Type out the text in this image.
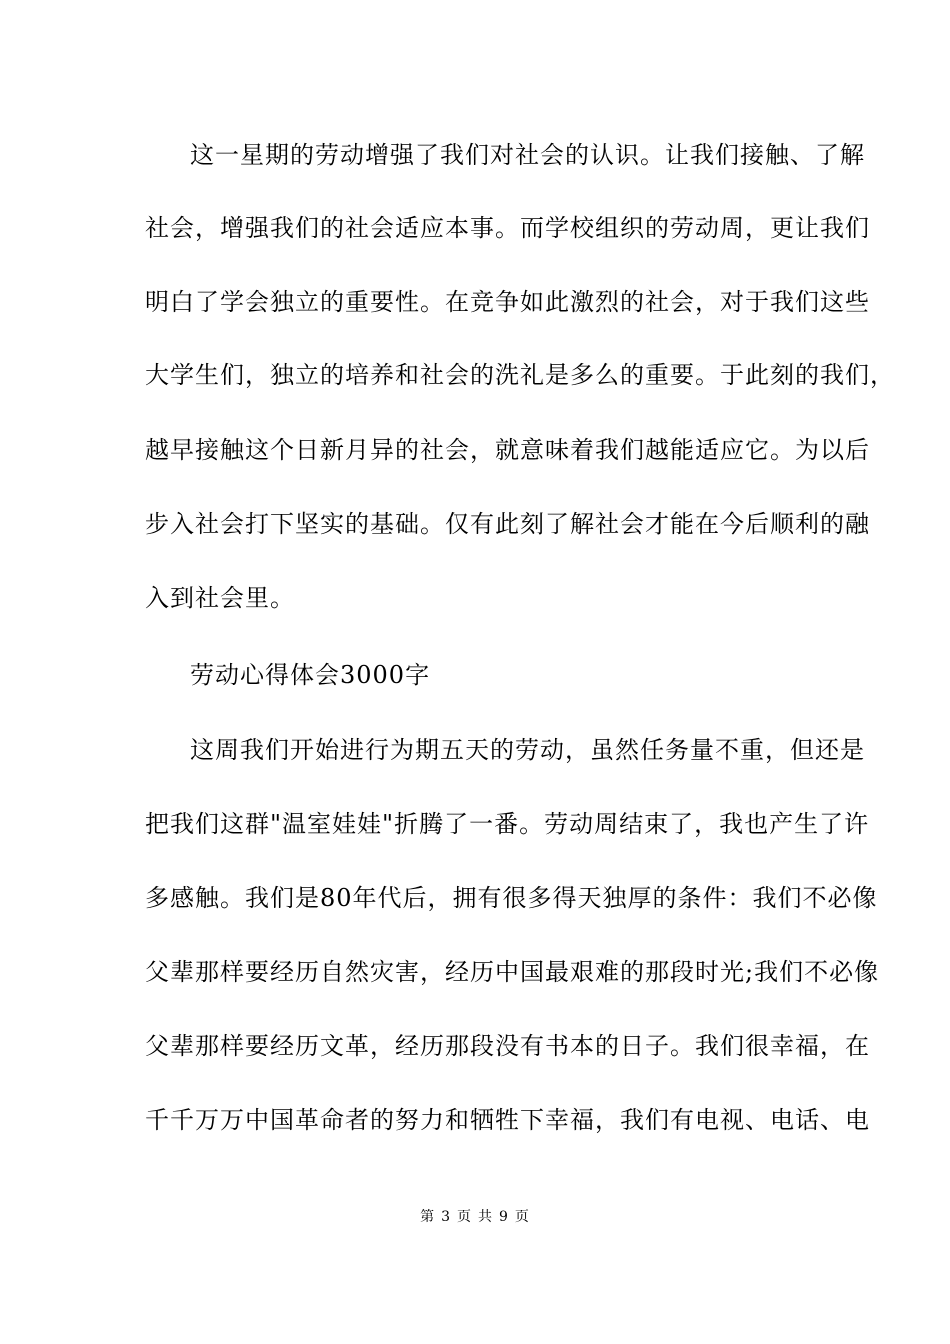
这一星期的劳动增强了我们对社会的认识。让我们接触、了解
社会，增强我们的社会适应本事。而学校组织的劳动周，更让我们
明白了学会独立的重要性。在竞争如此激烈的社会，对于我们这些
大学生们，独立的培养和社会的洗礼是多么的重要。于此刻的我们，
越早接触这个日新月异的社会，就意味着我们越能适应它。为以后
步入社会打下坚实的基础。仅有此刻了解社会才能在今后顺利的融
入到社会里。
劳动心得体会3000字
这周我们开始进行为期五天的劳动，虽然任务量不重，但还是
把我们这群"温室娃娃"折腾了一番。劳动周结束了，我也产生了许
多感触。我们是80年代后，拥有很多得天独厚的条件：我们不必像
父辈那样要经历自然灾害，经历中国最艰难的那段时光;我们不必像
父辈那样要经历文革，经历那段没有书本的日子。我们很幸福，在
千千万万中国革命者的努力和牺牲下幸福，我们有电视、电话、电
第 3 页 共 9 页
